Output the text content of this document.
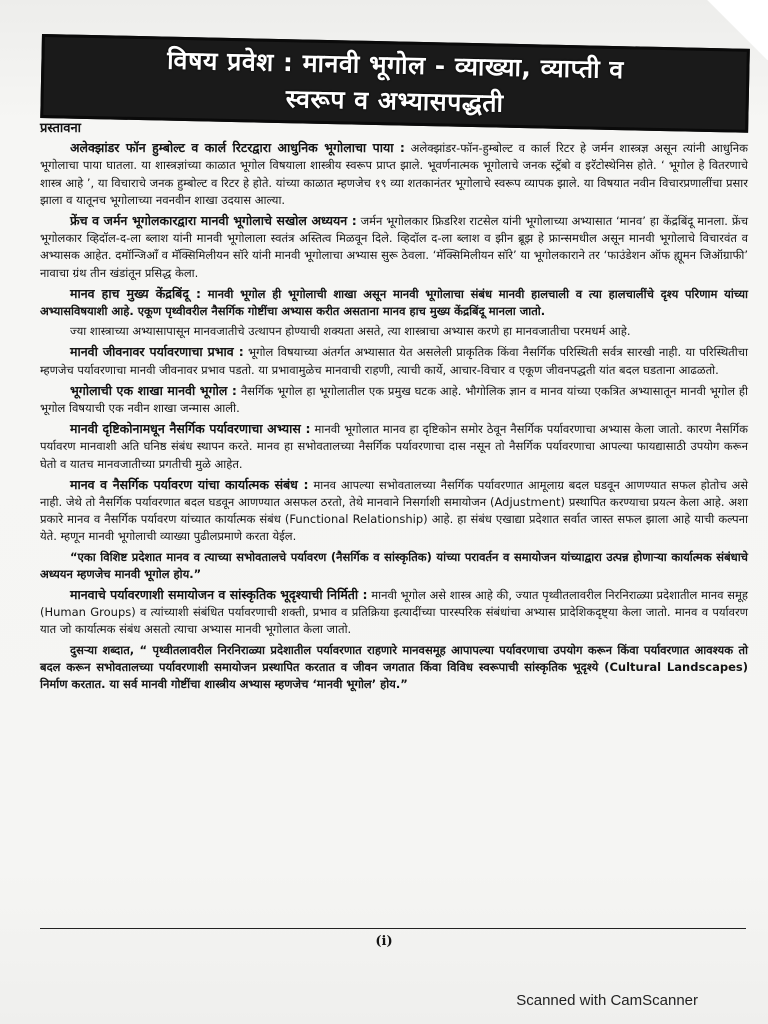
विषय प्रवेश : मानवी भूगोल - व्याख्या, व्याप्ती व
स्वरूप व अभ्यासपद्धती
प्रस्तावना

अलेक्झांडर फॉन हुम्बोल्ट व कार्ल रिटरद्वारा आधुनिक भूगोलाचा पाया : अलेक्झांडर-फॉन-हुम्बोल्ट व कार्ल रिटर हे जर्मन शास्त्रज्ञ असून त्यांनी आधुनिक भूगोलाचा पाया घातला. या शास्त्रज्ञांच्या काळात भूगोल विषयाला शास्त्रीय स्वरूप प्राप्त झाले. भूवर्णनात्मक भूगोलाचे जनक स्ट्रॅबो व इरॅटोस्थेनिस होते. ‘ भूगोल हे वितरणाचे शास्त्र आहे ’, या विचाराचे जनक हुम्बोल्ट व रिटर हे होते. यांच्या काळात म्हणजेच १९ व्या शतकानंतर भूगोलाचे स्वरूप व्यापक झाले. या विषयात नवीन विचारप्रणालींचा प्रसार झाला व यातूनच भूगोलाच्या नवनवीन शाखा उदयास आल्या.

फ्रेंच व जर्मन भूगोलकारद्वारा मानवी भूगोलाचे सखोल अध्ययन : जर्मन भूगोलकार फ्रिडरिश राटसेल यांनी भूगोलाच्या अभ्यासात ‘मानव’ हा केंद्रबिंदू मानला. फ्रेंच भूगोलकार व्हिदॉल-द-ला ब्लाश यांनी मानवी भूगोलाला स्वतंत्र अस्तित्व मिळवून दिले. व्हिदॉल द-ला ब्लाश व झीन ब्रूझ हे फ्रान्समधील असून मानवी भूगोलाचे विचारवंत व अभ्यासक आहेत. दमॉन्जिआँ व मॅक्सिमिलीयन सॉरे यांनी मानवी भूगोलाचा अभ्यास सुरू ठेवला. ‘मॅक्सिमिलीयन सॉरे’ या भूगोलकाराने तर ‘फाउंडेशन ऑफ ह्यूमन जिऑग्राफी’ नावाचा ग्रंथ तीन खंडांतून प्रसिद्ध केला.

मानव हाच मुख्य केंद्रबिंदू : मानवी भूगोल ही भूगोलाची शाखा असून मानवी भूगोलाचा संबंध मानवी हालचाली व त्या हालचालींचे दृश्य परिणाम यांच्या अभ्यासविषयाशी आहे. एकूण पृथ्वीवरील नैसर्गिक गोष्टींचा अभ्यास करीत असताना मानव हाच मुख्य केंद्रबिंदू मानला जातो.

ज्या शास्त्राच्या अभ्यासापासून मानवजातीचे उत्थापन होण्याची शक्यता असते, त्या शास्त्राचा अभ्यास करणे हा मानवजातीचा परमधर्म आहे.

मानवी जीवनावर पर्यावरणाचा प्रभाव : भूगोल विषयाच्या अंतर्गत अभ्यासात येत असलेली प्राकृतिक किंवा नैसर्गिक परिस्थिती सर्वत्र सारखी नाही. या परिस्थितीचा म्हणजेच पर्यावरणाचा मानवी जीवनावर प्रभाव पडतो. या प्रभावामुळेच मानवाची राहणी, त्याची कार्ये, आचार-विचार व एकूण जीवनपद्धती यांत बदल घडताना आढळतो.

भूगोलाची एक शाखा मानवी भूगोल : नैसर्गिक भूगोल हा भूगोलातील एक प्रमुख घटक आहे. भौगोलिक ज्ञान व मानव यांच्या एकत्रित अभ्यासातून मानवी भूगोल ही भूगोल विषयाची एक नवीन शाखा जन्मास आली.

मानवी दृष्टिकोनामधून नैसर्गिक पर्यावरणाचा अभ्यास : मानवी भूगोलात मानव हा दृष्टिकोन समोर ठेवून नैसर्गिक पर्यावरणाचा अभ्यास केला जातो. कारण नैसर्गिक पर्यावरण मानवाशी अति घनिष्ठ संबंध स्थापन करते. मानव हा सभोवतालच्या नैसर्गिक पर्यावरणाचा दास नसून तो नैसर्गिक पर्यावरणाचा आपल्या फायद्यासाठी उपयोग करून घेतो व यातच मानवजातीच्या प्रगतीची मुळे आहेत.

मानव व नैसर्गिक पर्यावरण यांचा कार्यात्मक संबंध : मानव आपल्या सभोवतालच्या नैसर्गिक पर्यावरणात आमूलाग्र बदल घडवून आणण्यात सफल होतोच असे नाही. जेथे तो नैसर्गिक पर्यावरणात बदल घडवून आणण्यात असफल ठरतो, तेथे मानवाने निसर्गाशी समायोजन (Adjustment) प्रस्थापित करण्याचा प्रयत्न केला आहे. अशा प्रकारे मानव व नैसर्गिक पर्यावरण यांच्यात कार्यात्मक संबंध (Functional Relationship) आहे. हा संबंध एखाद्या प्रदेशात सर्वात जास्त सफल झाला आहे याची कल्पना येते. म्हणून मानवी भूगोलाची व्याख्या पुढीलप्रमाणे करता येईल.

“एका विशिष्ट प्रदेशात मानव व त्याच्या सभोवतालचे पर्यावरण (नैसर्गिक व सांस्कृतिक) यांच्या परावर्तन व समायोजन यांच्याद्वारा उत्पन्न होणाऱ्या कार्यात्मक संबंधाचे अध्ययन म्हणजेच मानवी भूगोल होय.”

मानवाचे पर्यावरणाशी समायोजन व सांस्कृतिक भूदृश्याची निर्मिती : मानवी भूगोल असे शास्त्र आहे की, ज्यात पृथ्वीतलावरील निरनिराळ्या प्रदेशातील मानव समूह (Human Groups) व त्यांच्याशी संबंधित पर्यावरणाची शक्ती, प्रभाव व प्रतिक्रिया इत्यादींच्या पारस्परिक संबंधांचा अभ्यास प्रादेशिकदृष्ट्या केला जातो. मानव व पर्यावरण यात जो कार्यात्मक संबंध असतो त्याचा अभ्यास मानवी भूगोलात केला जातो.

दुसऱ्या शब्दात, “ पृथ्वीतलावरील निरनिराळ्या प्रदेशातील पर्यावरणात राहणारे मानवसमूह आपापल्या पर्यावरणाचा उपयोग करून किंवा पर्यावरणात आवश्यक तो बदल करून सभोवतालच्या पर्यावरणाशी समायोजन प्रस्थापित करतात व जीवन जगतात किंवा विविध स्वरूपाची सांस्कृतिक भूदृश्ये (Cultural Landscapes) निर्माण करतात. या सर्व मानवी गोष्टींचा शास्त्रीय अभ्यास म्हणजेच ‘मानवी भूगोल’ होय.”

(i)
Scanned with CamScanner
